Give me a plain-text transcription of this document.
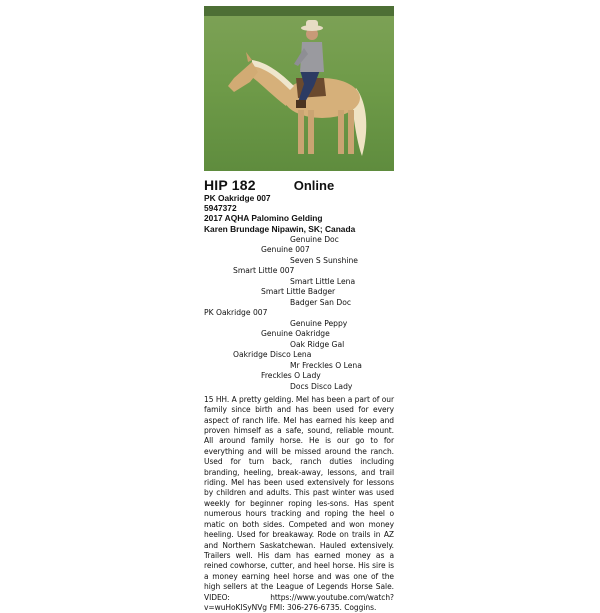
HIP 182	Online
PK Oakridge 007
5947372
2017 AQHA Palomino Gelding
Karen Brundage Nipawin, SK; Canada
Genuine Doc
Genuine 007
Seven S Sunshine
Smart Little 007
Smart Little Lena
Smart Little Badger
Badger San Doc
PK Oakridge 007
Genuine Peppy
Genuine Oakridge
Oak Ridge Gal
Oakridge Disco Lena
Mr Freckles O Lena
Freckles O Lady
Docs Disco Lady
15 HH. A pretty gelding. Mel has been a part of our family since birth and has been used for every aspect of ranch life. Mel has earned his keep and proven himself as a safe, sound, reliable mount. All around family horse. He is our go to for everything and will be missed around the ranch. Used for turn back, ranch duties including branding, heeling, break-away, lessons, and trail riding. Mel has been used extensively for lessons by children and adults. This past winter was used weekly for beginner roping les-sons. Has spent numerous hours tracking and roping the heel o matic on both sides. Competed and won money heeling. Used for breakaway. Rode on trails in AZ and Northern Saskatchewan. Hauled extensively. Trailers well. His dam has earned money as a reined cowhorse, cutter, and heel horse. His sire is a money earning heel horse and was one of the high sellers at the League of Legends Horse Sale. VIDEO: https://www.youtube.com/watch?v=wuHoKISyNVg FMI: 306-276-6735. Coggins.
